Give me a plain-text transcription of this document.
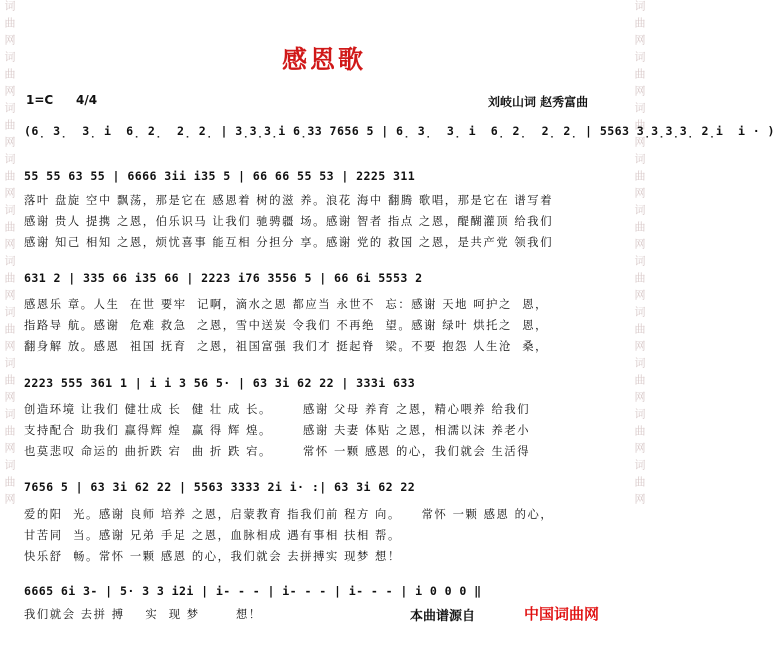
词曲网词曲网词曲网词曲网词曲网词曲网词曲网词曲网词曲网词曲网	词曲网词曲网词曲网词曲网词曲网词曲网词曲网词曲网词曲网词曲网
感恩歌
1=C 4/4	刘岐山词 赵秀富曲
(6̣ 3̣  3̣ i  6̣ 2̣  2̣ 2̣ | 3̣3̣3̣i 6̣33 7656 5 | 6̣ 3̣  3̣ i  6̣ 2̣  2̣ 2̣ | 5563 3̣3̣3̣3̣ 2̣i  i · )
55 55 63 55 | 6666 3ii i35 5 | 66 66 55 53 | 2225 311
落叶 盘旋 空中 飘荡，那是它在 感恩着 树的滋 养。浪花 海中 翻腾 歌唱，那是它在 谱写着
感谢 贵人 提携 之恩，伯乐识马 让我们 驰骋疆 场。感谢 智者 指点 之恩，醍醐灌顶 给我们
感谢 知己 相知 之恩，烦忧喜事 能互相 分担分 享。感谢 党的 救国 之恩，是共产党 领我们
631 2 | 335 66 i35 66 | 2223 i76 3556 5 | 66 6i 5553 2
感恩乐 章。人生  在世 要牢  记啊，滴水之恩 都应当 永世不  忘：感谢 天地 呵护之  恩，
指路导 航。感谢  危难 救急  之恩，雪中送炭 令我们 不再绝  望。感谢 绿叶 烘托之  恩，
翻身解 放。感恩  祖国 抚育  之恩，祖国富强 我们才 挺起脊  梁。不要 抱怨 人生沧  桑，
2223 555 361 1 | i i 3 56 5· | 63 3i 62 22 | 333i 633
创造环境 让我们 健壮成 长  健 壮 成 长。      感谢 父母 养育 之恩，精心喂养 给我们
支持配合 助我们 赢得辉 煌  赢 得 辉 煌。      感谢 夫妻 体贴 之恩，相濡以沫 养老小
也莫悲叹 命运的 曲折跌 宕  曲 折 跌 宕。      常怀 一颗 感恩 的心，我们就会 生活得
7656 5 | 63 3i 62 22 | 5563 3333 2i i· :| 63 3i 62 22
爱的阳  光。感谢 良师 培养 之恩，启蒙教育 指我们前 程方 向。    常怀 一颗 感恩 的心，
甘苦同  当。感谢 兄弟 手足 之恩，血脉相成 遇有事相 扶相 帮。
快乐舒  畅。常怀 一颗 感恩 的心，我们就会 去拼搏实 现梦 想！
6665 6i 3- | 5· 3 3 i2i | i- - - | i- - - | i- - - | i 0 0 0 ‖
我们就会 去拼 搏    实  现 梦       想！	本曲谱源自	中国词曲网
